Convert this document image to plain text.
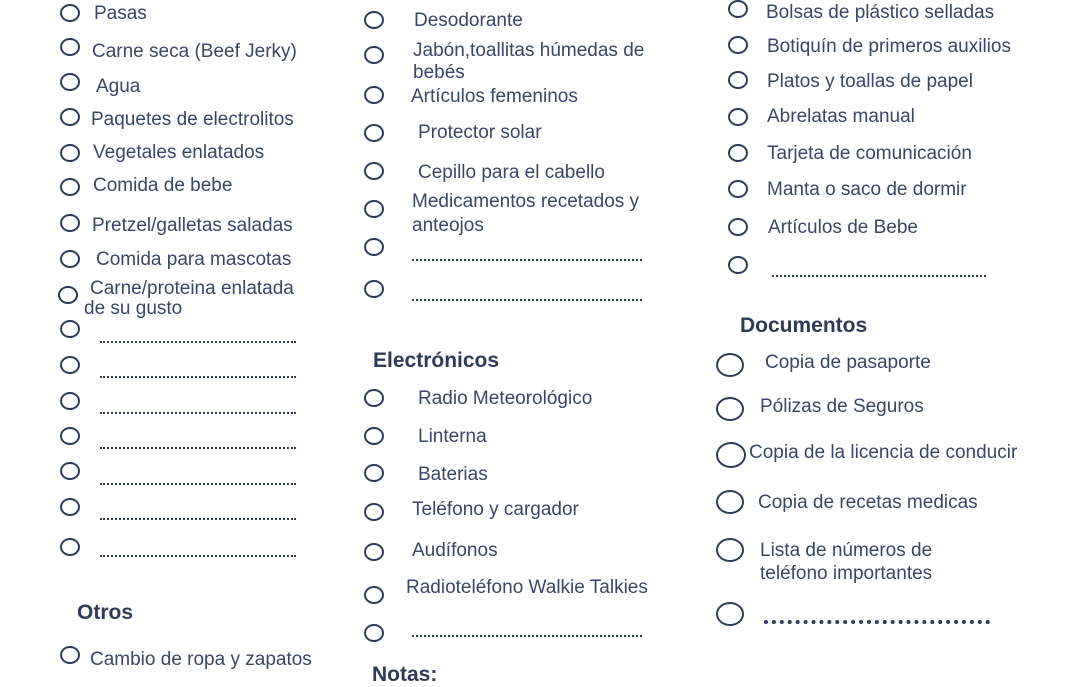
Pasas
Carne seca (Beef Jerky)
Agua
Paquetes de electrolitos
Vegetales enlatados
Comida de bebe
Pretzel/galletas saladas
Comida para mascotas
Carne/proteina enlatada
de su gusto
Otros
Cambio de ropa y zapatos
Desodorante
Jabón,toallitas húmedas de
bebés
Artículos femeninos
Protector solar
Cepillo para el cabello
Medicamentos recetados y
anteojos
Electrónicos
Radio Meteorológico
Linterna
Baterias
Teléfono y cargador
Audífonos
Radioteléfono Walkie Talkies
Notas:
Bolsas de plástico selladas
Botiquín de primeros auxilios
Platos y toallas de papel
Abrelatas manual
Tarjeta de comunicación
Manta o saco de dormir
Artículos de Bebe
Documentos
Copia de pasaporte
Pólizas de Seguros
Copia de la licencia de conducir
Copia de recetas medicas
Lista de números de
teléfono importantes
